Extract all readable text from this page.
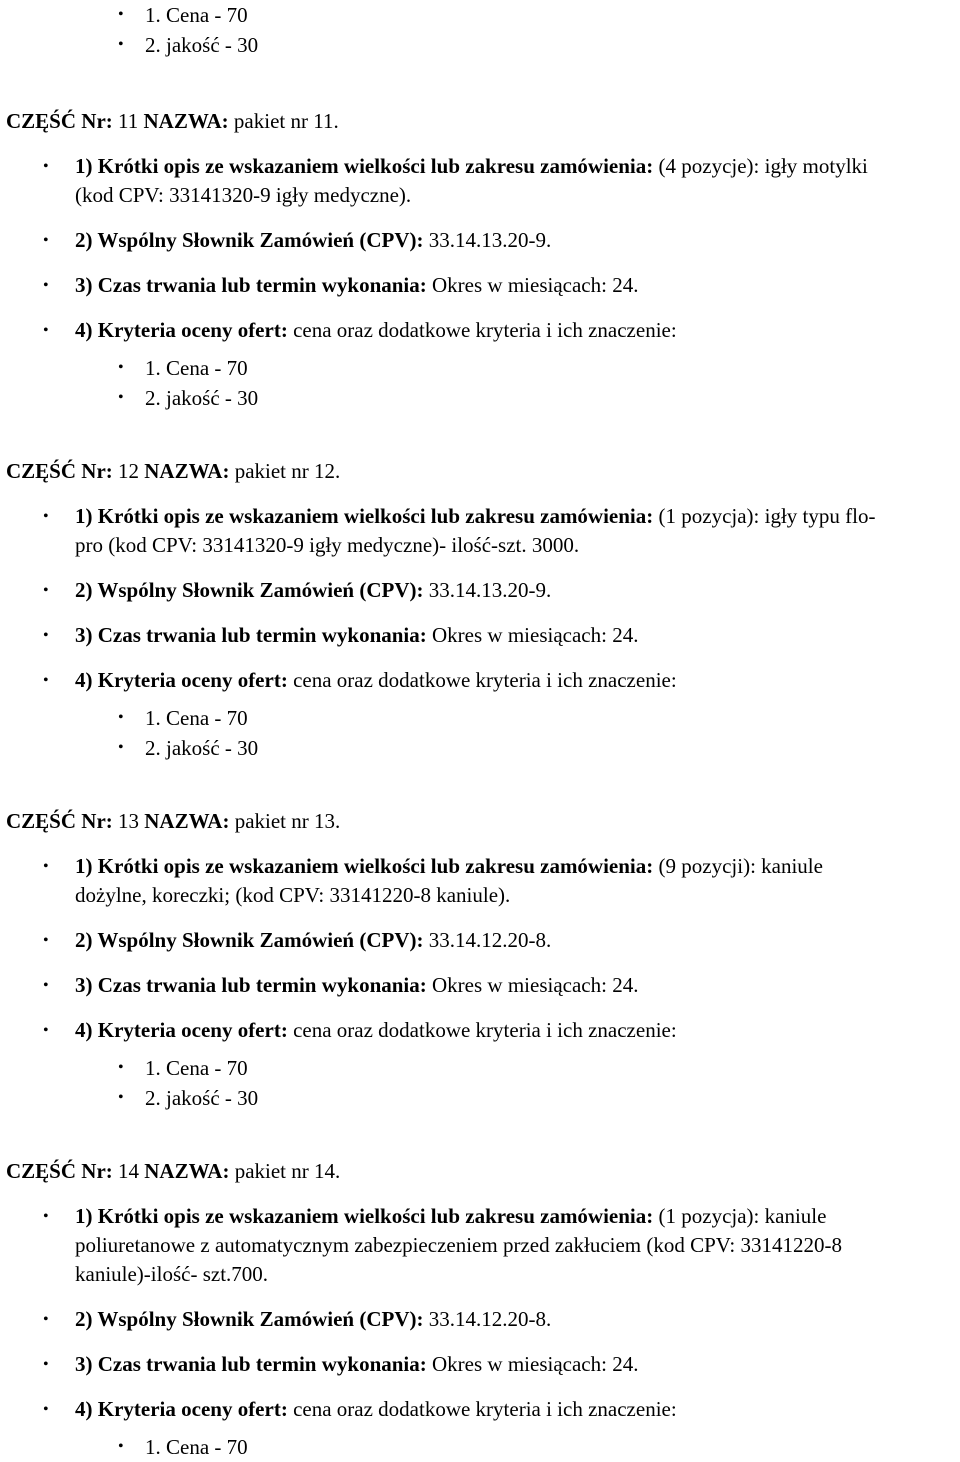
• 1. Cena - 70
• 2. jakość - 30
CZĘŚĆ Nr: 11 NAZWA: pakiet nr 11.
• 1) Krótki opis ze wskazaniem wielkości lub zakresu zamówienia: (4 pozycje): igły motylki (kod CPV: 33141320-9 igły medyczne).
• 2) Wspólny Słownik Zamówień (CPV): 33.14.13.20-9.
• 3) Czas trwania lub termin wykonania: Okres w miesiącach: 24.
• 4) Kryteria oceny ofert: cena oraz dodatkowe kryteria i ich znaczenie:
• 1. Cena - 70
• 2. jakość - 30
CZĘŚĆ Nr: 12 NAZWA: pakiet nr 12.
• 1) Krótki opis ze wskazaniem wielkości lub zakresu zamówienia: (1 pozycja): igły typu flo-pro (kod CPV: 33141320-9 igły medyczne)- ilość-szt. 3000.
• 2) Wspólny Słownik Zamówień (CPV): 33.14.13.20-9.
• 3) Czas trwania lub termin wykonania: Okres w miesiącach: 24.
• 4) Kryteria oceny ofert: cena oraz dodatkowe kryteria i ich znaczenie:
• 1. Cena - 70
• 2. jakość - 30
CZĘŚĆ Nr: 13 NAZWA: pakiet nr 13.
• 1) Krótki opis ze wskazaniem wielkości lub zakresu zamówienia: (9 pozycji): kaniule dożylne, koreczki; (kod CPV: 33141220-8 kaniule).
• 2) Wspólny Słownik Zamówień (CPV): 33.14.12.20-8.
• 3) Czas trwania lub termin wykonania: Okres w miesiącach: 24.
• 4) Kryteria oceny ofert: cena oraz dodatkowe kryteria i ich znaczenie:
• 1. Cena - 70
• 2. jakość - 30
CZĘŚĆ Nr: 14 NAZWA: pakiet nr 14.
• 1) Krótki opis ze wskazaniem wielkości lub zakresu zamówienia: (1 pozycja): kaniule poliuretanowe z automatycznym zabezpieczeniem przed zakłuciem (kod CPV: 33141220-8 kaniule)-ilość- szt.700.
• 2) Wspólny Słownik Zamówień (CPV): 33.14.12.20-8.
• 3) Czas trwania lub termin wykonania: Okres w miesiącach: 24.
• 4) Kryteria oceny ofert: cena oraz dodatkowe kryteria i ich znaczenie:
• 1. Cena - 70
